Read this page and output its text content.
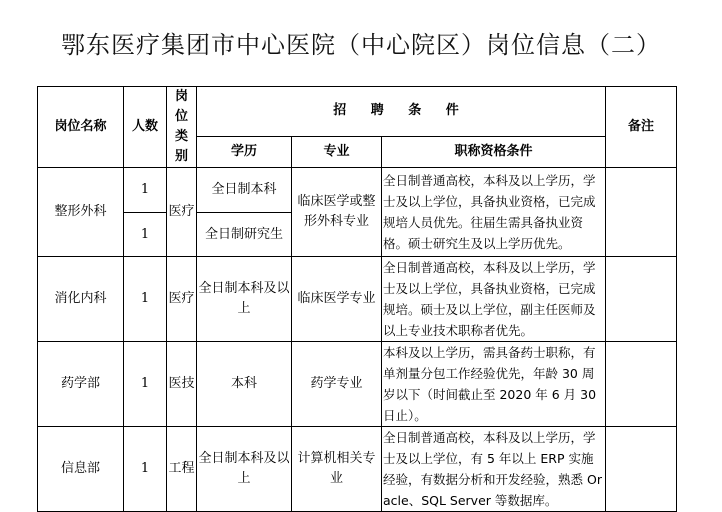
鄂东医疗集团市中心医院（中心院区）岗位信息（二）
岗位名称	人数	岗位类别	招 聘 条 件			备注
			学历	专业	职称资格条件	
整形外科	1	医疗	全日制本科	临床医学或整形外科专业	全日制普通高校，本科及以上学历，学士及以上学位，具备执业资格，已完成规培人员优先。往届生需具备执业资格。硕士研究生及以上学历优先。	
	1		全日制研究生			
消化内科	1	医疗	全日制本科及以上	临床医学专业	全日制普通高校，本科及以上学历，学士及以上学位，具备执业资格，已完成规培。硕士及以上学位，副主任医师及以上专业技术职称者优先。	
药学部	1	医技	本科	药学专业	本科及以上学历，需具备药士职称，有单剂量分包工作经验优先，年龄 30 周岁以下（时间截止至 2020 年 6 月 30 日止）。	
信息部	1	工程	全日制本科及以上	计算机相关专业	全日制普通高校，本科及以上学历，学士及以上学位，有 5 年以上 ERP 实施经验，有数据分析和开发经验，熟悉 Oracle、SQL Server 等数据库。	
